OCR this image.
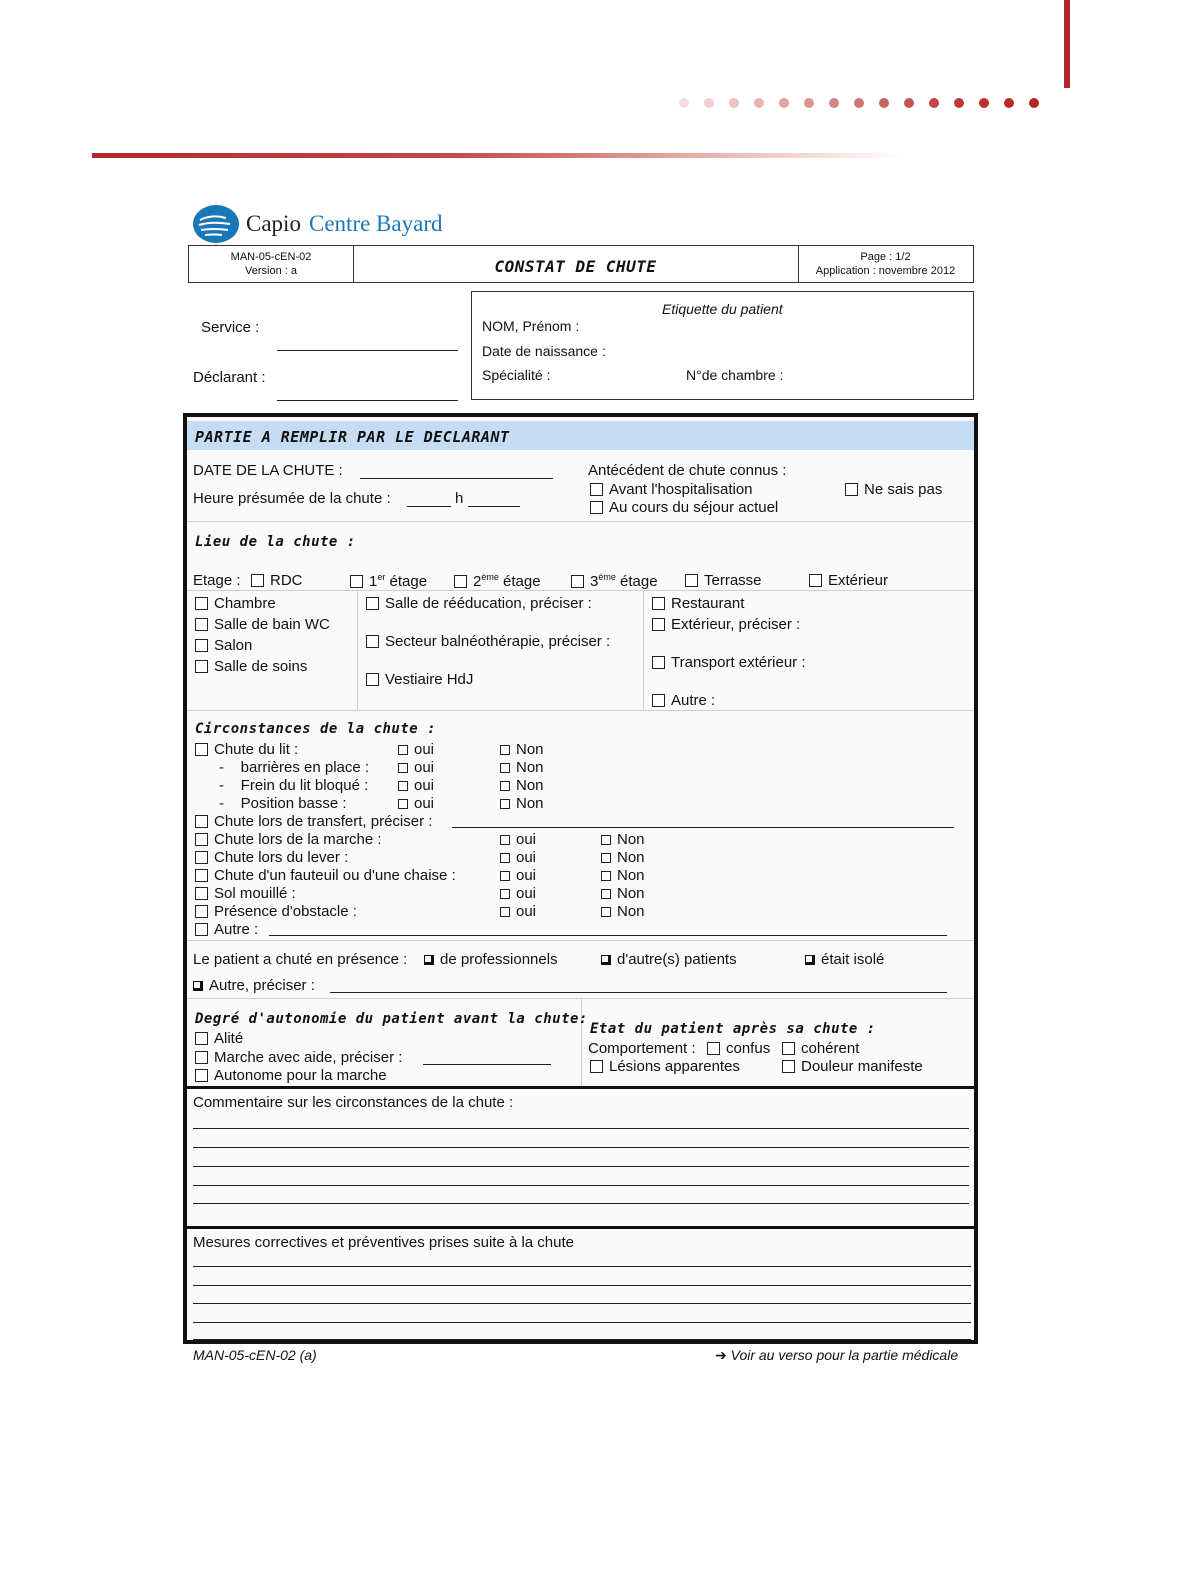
Capio Centre Bayard
MAN-05-cEN-02
Version : a	CONSTAT DE CHUTE	Page : 1/2
Application : novembre 2012
Service :
Déclarant :
Etiquette du patient
NOM, Prénom :
Date de naissance :
Spécialité :	N°de chambre :
PARTIE A REMPLIR PAR LE DECLARANT
DATE DE LA CHUTE :
Heure présumée de la chute :	h
Antécédent de chute connus :
Avant l'hospitalisation
Au cours du séjour actuel
Ne sais pas
Lieu de la chute :
Etage :	RDC	1er étage	2ème étage	3ème étage	Terrasse	Extérieur
Chambre
Salle de bain WC
Salon
Salle de soins
Salle de rééducation, préciser :
Secteur balnéothérapie, préciser :
Vestiaire HdJ
Restaurant
Extérieur, préciser :
Transport extérieur :
Autre :
Circonstances de la chute :
Chute du lit :	oui	Non
-    barrières en place :	oui	Non
-    Frein du lit bloqué :	oui	Non
-    Position basse :	oui	Non
Chute lors de transfert, préciser :
Chute lors de la marche :	oui	Non
Chute lors du lever :	oui	Non
Chute d'un fauteuil ou d'une chaise :	oui	Non
Sol mouillé :	oui	Non
Présence d'obstacle :	oui	Non
Autre :
Le patient a chuté en présence :	de professionnels	d'autre(s) patients	était isolé
Autre, préciser :
Degré d'autonomie du patient avant la chute:
Alité
Marche avec aide, préciser :
Autonome pour la marche
Etat du patient après sa chute :
Comportement :	confus	cohérent
Lésions apparentes	Douleur manifeste
Commentaire sur les circonstances de la chute :
Mesures correctives et préventives prises suite à la chute
MAN-05-cEN-02 (a)	➔ Voir au verso pour la partie médicale
